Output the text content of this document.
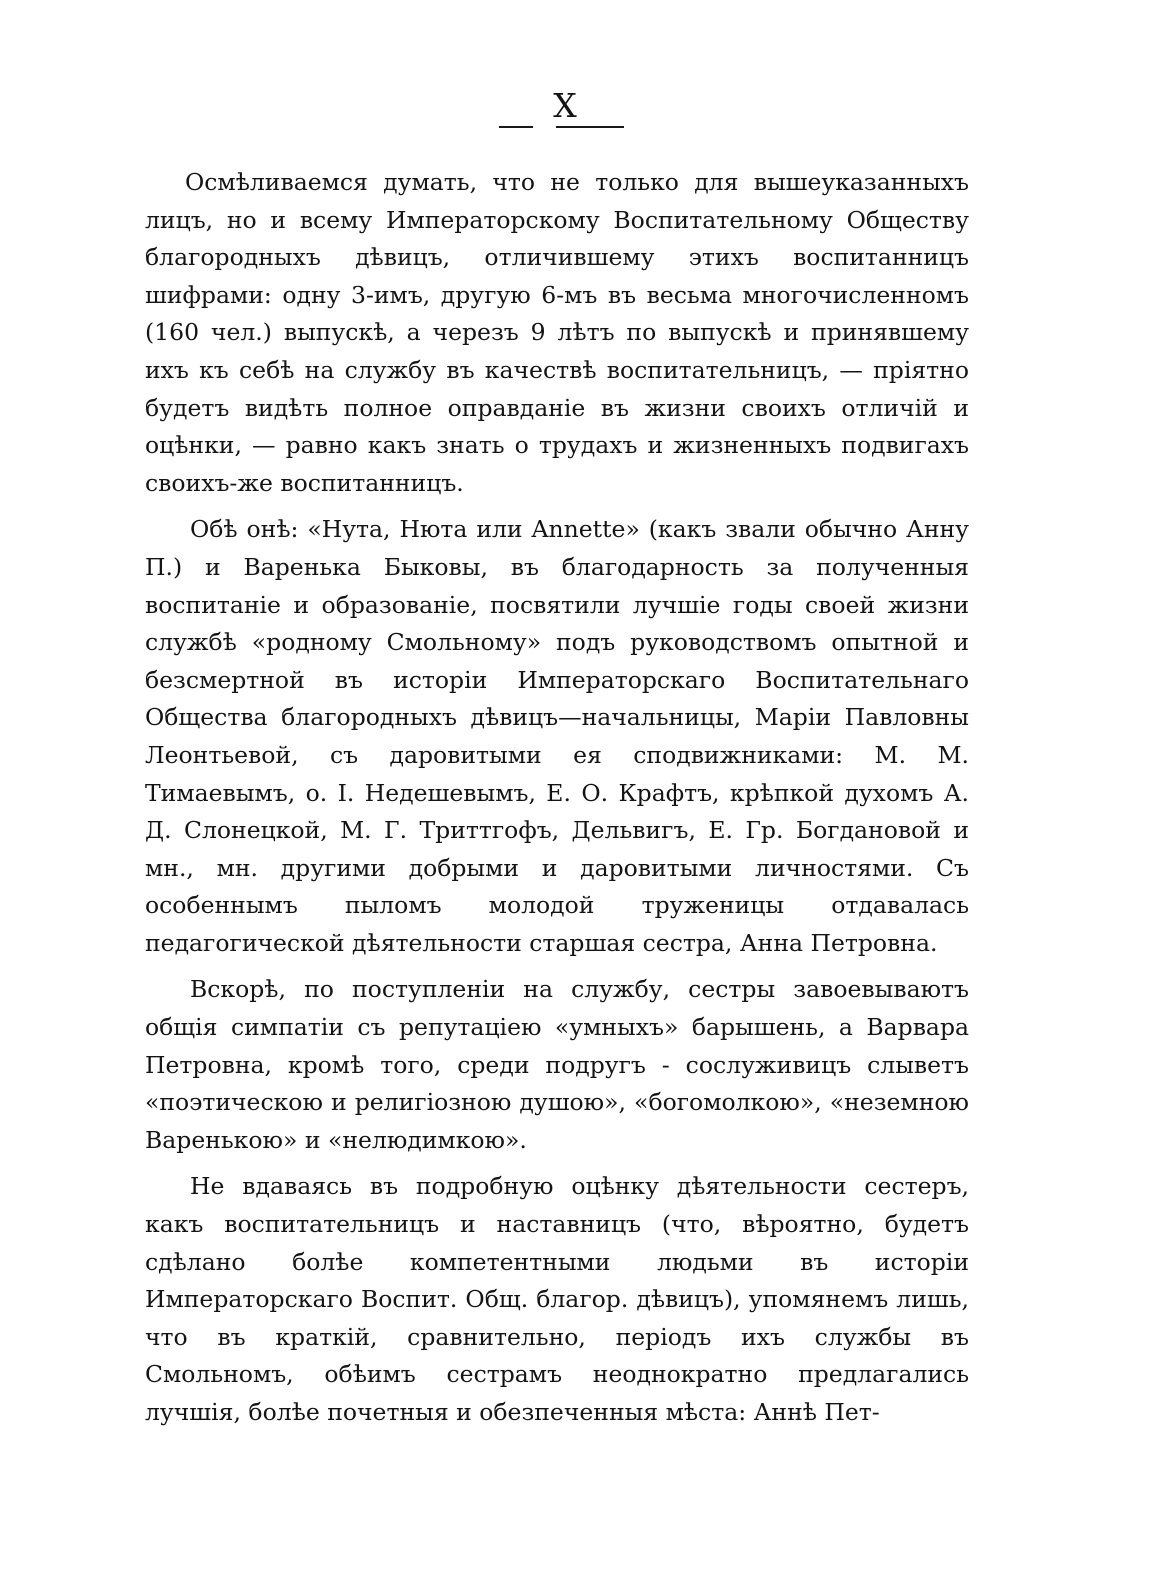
X

Осмѣливаемся думать, что не только для вышеуказанныхъ лицъ, но и всему Императорскому Воспитательному Обществу благородныхъ дѣвицъ, отличившему этихъ воспитанницъ шифрами: одну 3-имъ, другую 6-мъ въ весьма многочисленномъ (160 чел.) выпускѣ, а черезъ 9 лѣтъ по выпускѣ и принявшему ихъ къ себѣ на службу въ качествѣ воспитательницъ, — пріятно будетъ видѣть полное оправданіе въ жизни своихъ отличій и оцѣнки, — равно какъ знать о трудахъ и жизненныхъ подвигахъ своихъ-же воспитанницъ.

Обѣ онѣ: «Нута, Нюта или Annette» (какъ звали обычно Анну П.) и Варенька Быковы, въ благодарность за полученныя воспитаніе и образованіе, посвятили лучшіе годы своей жизни службѣ «родному Смольному» подъ руководствомъ опытной и безсмертной въ исторіи Императорскаго Воспитательнаго Общества благородныхъ дѣвицъ—начальницы, Маріи Павловны Леонтьевой, съ даровитыми ея сподвижниками: М. М. Тимаевымъ, о. І. Недешевымъ, Е. О. Крафтъ, крѣпкой духомъ А. Д. Слонецкой, М. Г. Триттгофъ, Дельвигъ, Е. Гр. Богдановой и мн., мн. другими добрыми и даровитыми личностями. Съ особеннымъ пыломъ молодой труженицы отдавалась педагогической дѣятельности старшая сестра, Анна Петровна.

Вскорѣ, по поступленіи на службу, сестры завоевываютъ общія симпатіи съ репутаціею «умныхъ» барышень, а Варвара Петровна, кромѣ того, среди подругъ - сослуживицъ слыветъ «поэтическою и религіозною душою», «богомолкою», «неземною Варенькою» и «нелюдимкою».

Не вдаваясь въ подробную оцѣнку дѣятельности сестеръ, какъ воспитательницъ и наставницъ (что, вѣроятно, будетъ сдѣлано болѣе компетентными людьми въ исторіи Императорскаго Воспит. Общ. благор. дѣвицъ), упомянемъ лишь, что въ краткій, сравнительно, періодъ ихъ службы въ Смольномъ, обѣимъ сестрамъ неоднократно предлагались лучшія, болѣе почетныя и обезпеченныя мѣста: Аннѣ Пет-
